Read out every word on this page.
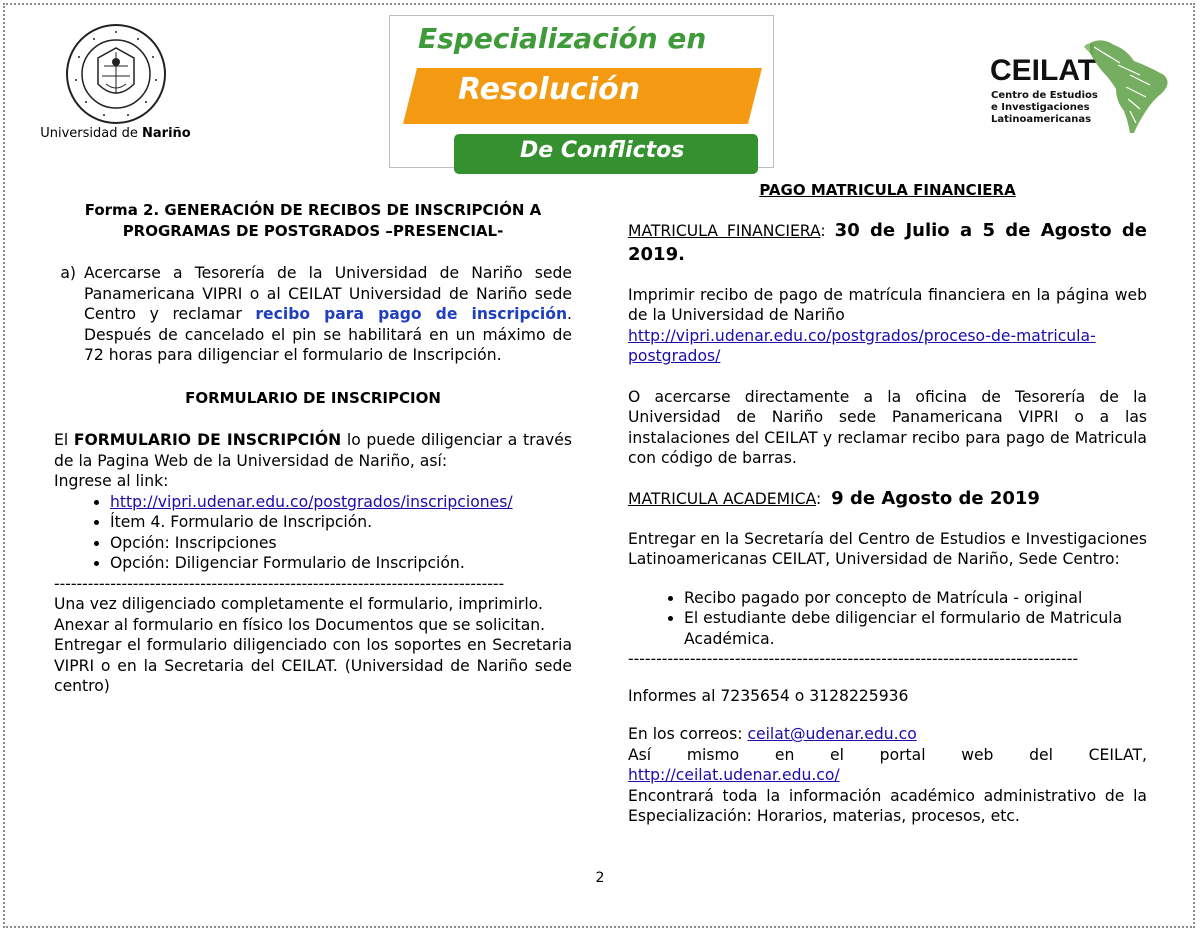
Universidad de Nariño
Especialización en
Resolución
De Conflictos
CEILAT
Centro de Estudios
e Investigaciones
Latinoamericanas
Forma 2. GENERACIÓN DE RECIBOS DE INSCRIPCIÓN A
PROGRAMAS DE POSTGRADOS –PRESENCIAL-
a) Acercarse a Tesorería de la Universidad de Nariño sede Panamericana VIPRI o al CEILAT Universidad de Nariño sede Centro y reclamar recibo para pago de inscripción. Después de cancelado el pin se habilitará en un máximo de 72 horas para diligenciar el formulario de Inscripción.
FORMULARIO DE INSCRIPCION
El FORMULARIO DE INSCRIPCIÓN lo puede diligenciar a través de la Pagina Web de la Universidad de Nariño, así:
Ingrese al link:
• http://vipri.udenar.edu.co/postgrados/inscripciones/
• Ítem 4. Formulario de Inscripción.
• Opción: Inscripciones
• Opción: Diligenciar Formulario de Inscripción.
--------------------------------------------------------------------------------
Una vez diligenciado completamente el formulario, imprimirlo.
Anexar al formulario en físico los Documentos que se solicitan.
Entregar el formulario diligenciado con los soportes en Secretaria VIPRI o en la Secretaria del CEILAT. (Universidad de Nariño sede centro)
PAGO MATRICULA FINANCIERA
MATRICULA FINANCIERA: 30 de Julio a 5 de Agosto de 2019.
Imprimir recibo de pago de matrícula financiera en la página web de la Universidad de Nariño
http://vipri.udenar.edu.co/postgrados/proceso-de-matricula-postgrados/
O acercarse directamente a la oficina de Tesorería de la Universidad de Nariño sede Panamericana VIPRI o a las instalaciones del CEILAT y reclamar recibo para pago de Matricula con código de barras.
MATRICULA ACADEMICA:  9 de Agosto de 2019
Entregar en la Secretaría del Centro de Estudios e Investigaciones Latinoamericanas CEILAT, Universidad de Nariño, Sede Centro:
• Recibo pagado por concepto de Matrícula - original
• El estudiante debe diligenciar el formulario de Matricula Académica.
--------------------------------------------------------------------------------
Informes al 7235654 o 3128225936
En los correos: ceilat@udenar.edu.co
Así mismo en el portal web del CEILAT,
http://ceilat.udenar.edu.co/
Encontrará toda la información académico administrativo de la Especialización: Horarios, materias, procesos, etc.
2
